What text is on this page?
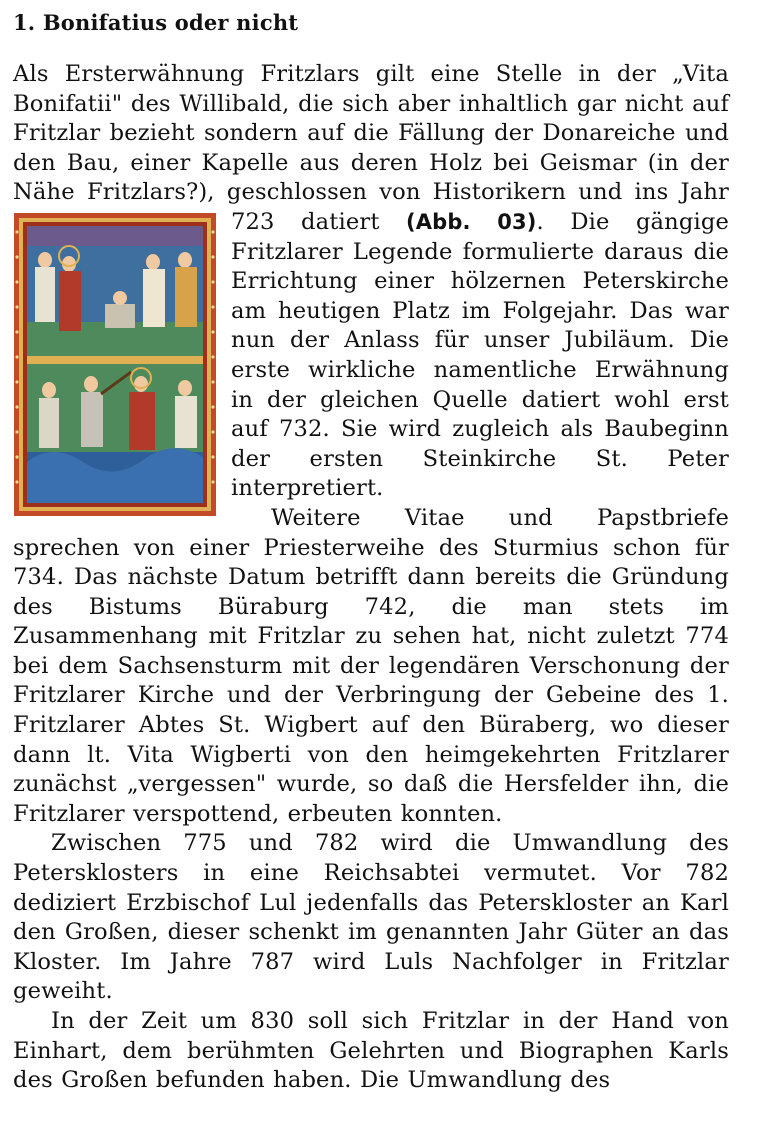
1. Bonifatius oder nicht

Als Ersterwähnung Fritzlars gilt eine Stelle in der „Vita Bonifatii" des Willibald, die sich aber inhaltlich gar nicht auf Fritzlar bezieht sondern auf die Fällung der Donareiche und den Bau, einer Kapelle aus deren Holz bei Geismar (in der Nähe Fritzlars?), geschlossen von Historikern und ins Jahr 723 datiert (Abb. 03)
. Die gängige Fritzlarer Legende formulierte daraus die Errichtung einer hölzernen Peterskirche am heutigen Platz im Folgejahr. Das war nun der Anlass für unser Jubiläum. Die erste wirkliche namentliche Erwähnung in der gleichen Quelle datiert wohl erst auf 732. Sie wird zugleich als Baubeginn der ersten Steinkirche St. Peter interpretiert.

Weitere Vitae und Papstbriefe sprechen von einer Priesterweihe des Sturmius schon für 734. Das nächste Datum betrifft dann bereits die Gründung des Bistums Büraburg 742, die man stets im Zusammenhang mit Fritzlar zu sehen hat, nicht zuletzt 774 bei dem Sachsensturm mit der legendären Verschonung der Fritzlarer Kirche und der Verbringung der Gebeine des 1. Fritzlarer Abtes St. Wigbert auf den Büraberg, wo dieser dann lt. Vita Wigberti von den heimgekehrten Fritzlarer zunächst „vergessen" wurde, so daß die Hersfelder ihn, die Fritzlarer verspottend, erbeuten konnten.

Zwischen 775 und 782 wird die Umwandlung des Petersklosters in eine Reichsabtei vermutet. Vor 782 dediziert Erzbischof Lul jedenfalls das Peterskloster an Karl den Großen, dieser schenkt im genannten Jahr Güter an das Kloster. Im Jahre 787 wird Luls Nachfolger in Fritzlar geweiht.

In der Zeit um 830 soll sich Fritzlar in der Hand von Einhart, dem berühmten Gelehrten und Biographen Karls des Großen befunden haben. Die Umwandlung des
